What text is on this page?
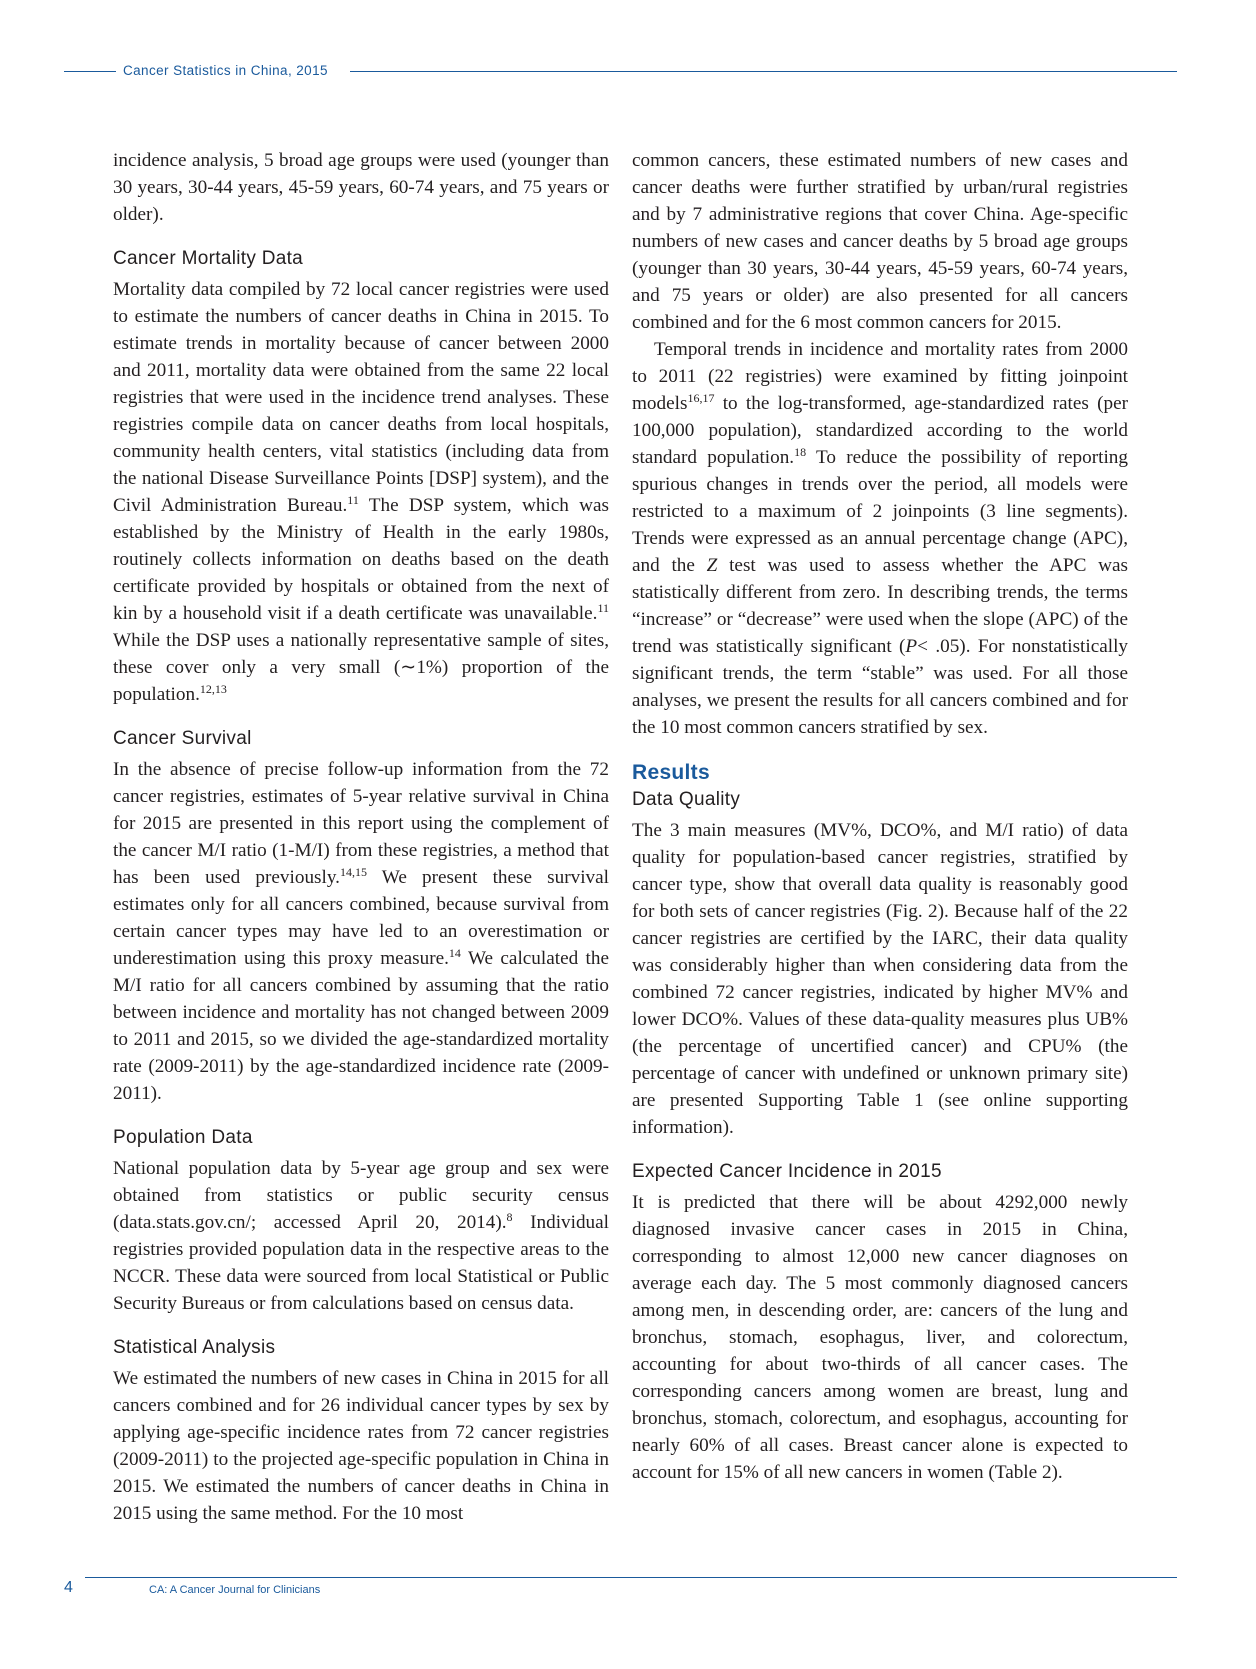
Cancer Statistics in China, 2015

incidence analysis, 5 broad age groups were used (younger than 30 years, 30-44 years, 45-59 years, 60-74 years, and 75 years or older).

Cancer Mortality Data

Mortality data compiled by 72 local cancer registries were used to estimate the numbers of cancer deaths in China in 2015. To estimate trends in mortality because of cancer between 2000 and 2011, mortality data were obtained from the same 22 local registries that were used in the incidence trend analyses. These registries compile data on cancer deaths from local hospitals, community health centers, vital statistics (including data from the national Disease Surveillance Points [DSP] system), and the Civil Administration Bureau.$^{11}$ The DSP system, which was established by the Ministry of Health in the early 1980s, routinely collects information on deaths based on the death certificate provided by hospitals or obtained from the next of kin by a household visit if a death certificate was unavailable.$^{11}$ While the DSP uses a nationally representative sample of sites, these cover only a very small (∼1%) proportion of the population.$^{12,13}$

Cancer Survival

In the absence of precise follow-up information from the 72 cancer registries, estimates of 5-year relative survival in China for 2015 are presented in this report using the complement of the cancer M/I ratio (1-M/I) from these registries, a method that has been used previously.$^{14,15}$ We present these survival estimates only for all cancers combined, because survival from certain cancer types may have led to an overestimation or underestimation using this proxy measure.$^{14}$ We calculated the M/I ratio for all cancers combined by assuming that the ratio between incidence and mortality has not changed between 2009 to 2011 and 2015, so we divided the age-standardized mortality rate (2009-2011) by the age-standardized incidence rate (2009-2011).

Population Data

National population data by 5-year age group and sex were obtained from statistics or public security census (data.stats.gov.cn/; accessed April 20, 2014).$^8$ Individual registries provided population data in the respective areas to the NCCR. These data were sourced from local Statistical or Public Security Bureaus or from calculations based on census data.

Statistical Analysis

We estimated the numbers of new cases in China in 2015 for all cancers combined and for 26 individual cancer types by sex by applying age-specific incidence rates from 72 cancer registries (2009-2011) to the projected age-specific population in China in 2015. We estimated the numbers of cancer deaths in China in 2015 using the same method. For the 10 most

common cancers, these estimated numbers of new cases and cancer deaths were further stratified by urban/rural registries and by 7 administrative regions that cover China. Age-specific numbers of new cases and cancer deaths by 5 broad age groups (younger than 30 years, 30-44 years, 45-59 years, 60-74 years, and 75 years or older) are also presented for all cancers combined and for the 6 most common cancers for 2015.

Temporal trends in incidence and mortality rates from 2000 to 2011 (22 registries) were examined by fitting joinpoint models$^{16,17}$ to the log-transformed, age-standardized rates (per 100,000 population), standardized according to the world standard population.$^{18}$ To reduce the possibility of reporting spurious changes in trends over the period, all models were restricted to a maximum of 2 joinpoints (3 line segments). Trends were expressed as an annual percentage change (APC), and the Z test was used to assess whether the APC was statistically different from zero. In describing trends, the terms “increase” or “decrease” were used when the slope (APC) of the trend was statistically significant (P< .05). For nonstatistically significant trends, the term “stable” was used. For all those analyses, we present the results for all cancers combined and for the 10 most common cancers stratified by sex.

Results
Data Quality

The 3 main measures (MV%, DCO%, and M/I ratio) of data quality for population-based cancer registries, stratified by cancer type, show that overall data quality is reasonably good for both sets of cancer registries (Fig. 2). Because half of the 22 cancer registries are certified by the IARC, their data quality was considerably higher than when considering data from the combined 72 cancer registries, indicated by higher MV% and lower DCO%. Values of these data-quality measures plus UB% (the percentage of uncertified cancer) and CPU% (the percentage of cancer with undefined or unknown primary site) are presented Supporting Table 1 (see online supporting information).

Expected Cancer Incidence in 2015

It is predicted that there will be about 4292,000 newly diagnosed invasive cancer cases in 2015 in China, corresponding to almost 12,000 new cancer diagnoses on average each day. The 5 most commonly diagnosed cancers among men, in descending order, are: cancers of the lung and bronchus, stomach, esophagus, liver, and colorectum, accounting for about two-thirds of all cancer cases. The corresponding cancers among women are breast, lung and bronchus, stomach, colorectum, and esophagus, accounting for nearly 60% of all cases. Breast cancer alone is expected to account for 15% of all new cancers in women (Table 2).

4	CA: A Cancer Journal for Clinicians
